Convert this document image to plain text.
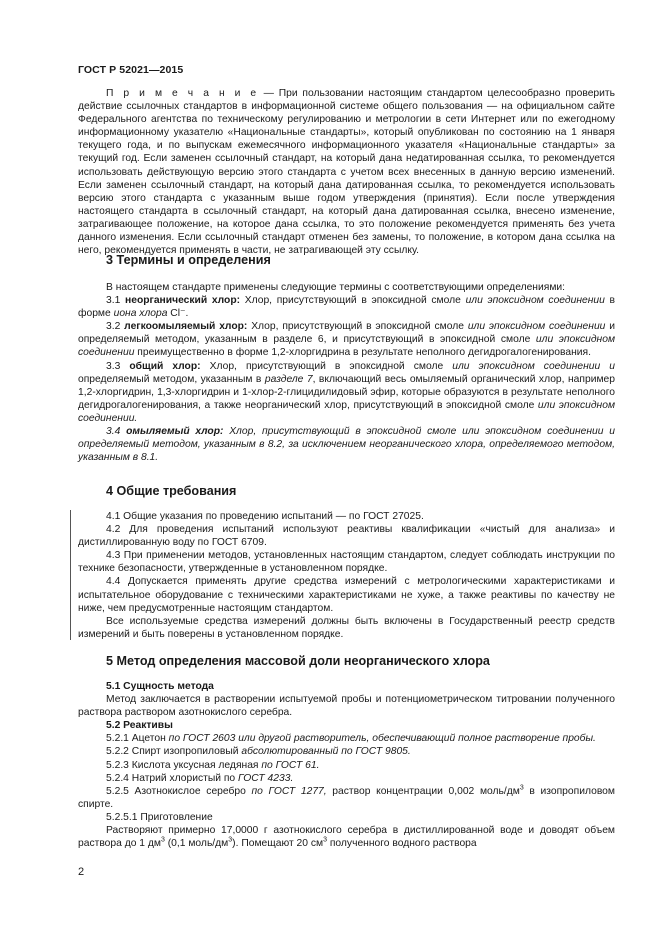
ГОСТ Р 52021—2015

П р и м е ч а н и е — При пользовании настоящим стандартом целесообразно проверить действие ссылочных стандартов в информационной системе общего пользования — на официальном сайте Федерального агентства по техническому регулированию и метрологии в сети Интернет или по ежегодному информационному указателю «Национальные стандарты», который опубликован по состоянию на 1 января текущего года, и по выпускам ежемесячного информационного указателя «Национальные стандарты» за текущий год. Если заменен ссылочный стандарт, на который дана недатированная ссылка, то рекомендуется использовать действующую версию этого стандарта с учетом всех внесенных в данную версию изменений. Если заменен ссылочный стандарт, на который дана датированная ссылка, то рекомендуется использовать версию этого стандарта с указанным выше годом утверждения (принятия). Если после утверждения настоящего стандарта в ссылочный стандарт, на который дана датированная ссылка, внесено изменение, затрагивающее положение, на которое дана ссылка, то это положение рекомендуется применять без учета данного изменения. Если ссылочный стандарт отменен без замены, то положение, в котором дана ссылка на него, рекомендуется применять в части, не затрагивающей эту ссылку.

3 Термины и определения

В настоящем стандарте применены следующие термины с соответствующими определениями:

3.1 неорганический хлор: Хлор, присутствующий в эпоксидной смоле или эпоксидном соединении в форме иона хлора Cl⁻.

3.2 легкоомыляемый хлор: Хлор, присутствующий в эпоксидной смоле или эпоксидном соединении и определяемый методом, указанным в разделе 6, и присутствующий в эпоксидной смоле или эпоксидном соединении преимущественно в форме 1,2-хлоргидрина в результате неполного дегидрогалогенирования.

3.3 общий хлор: Хлор, присутствующий в эпоксидной смоле или эпоксидном соединении и определяемый методом, указанным в разделе 7, включающий весь омыляемый органический хлор, например 1,2-хлоргидрин, 1,3-хлоргидрин и 1-хлор-2-глицидилидовый эфир, которые образуются в результате неполного дегидрогалогенирования, а также неорганический хлор, присутствующий в эпоксидной смоле или эпоксидном соединении.

3.4 омыляемый хлор: Хлор, присутствующий в эпоксидной смоле или эпоксидном соединении и определяемый методом, указанным в 8.2, за исключением неорганического хлора, определяемого методом, указанным в 8.1.

4 Общие требования

4.1 Общие указания по проведению испытаний — по ГОСТ 27025.

4.2 Для проведения испытаний используют реактивы квалификации «чистый для анализа» и дистиллированную воду по ГОСТ 6709.

4.3 При применении методов, установленных настоящим стандартом, следует соблюдать инструкции по технике безопасности, утвержденные в установленном порядке.

4.4 Допускается применять другие средства измерений с метрологическими характеристиками и испытательное оборудование с техническими характеристиками не хуже, а также реактивы по качеству не ниже, чем предусмотренные настоящим стандартом.

Все используемые средства измерений должны быть включены в Государственный реестр средств измерений и быть поверены в установленном порядке.

5 Метод определения массовой доли неорганического хлора

5.1 Сущность метода

Метод заключается в растворении испытуемой пробы и потенциометрическом титровании полученного раствора раствором азотнокислого серебра.

5.2 Реактивы

5.2.1 Ацетон по ГОСТ 2603 или другой растворитель, обеспечивающий полное растворение пробы.

5.2.2 Спирт изопропиловый абсолютированный по ГОСТ 9805.

5.2.3 Кислота уксусная ледяная по ГОСТ 61.

5.2.4 Натрий хлористый по ГОСТ 4233.

5.2.5 Азотнокислое серебро по ГОСТ 1277, раствор концентрации 0,002 моль/$дм^3$ в изопропиловом спирте.

5.2.5.1 Приготовление

Растворяют примерно 17,0000 г азотнокислого серебра в дистиллированной воде и доводят объем раствора до 1 $дм^3$ (0,1 моль/$дм^3$). Помещают 20 $см^3$ полученного водного раствора

2
